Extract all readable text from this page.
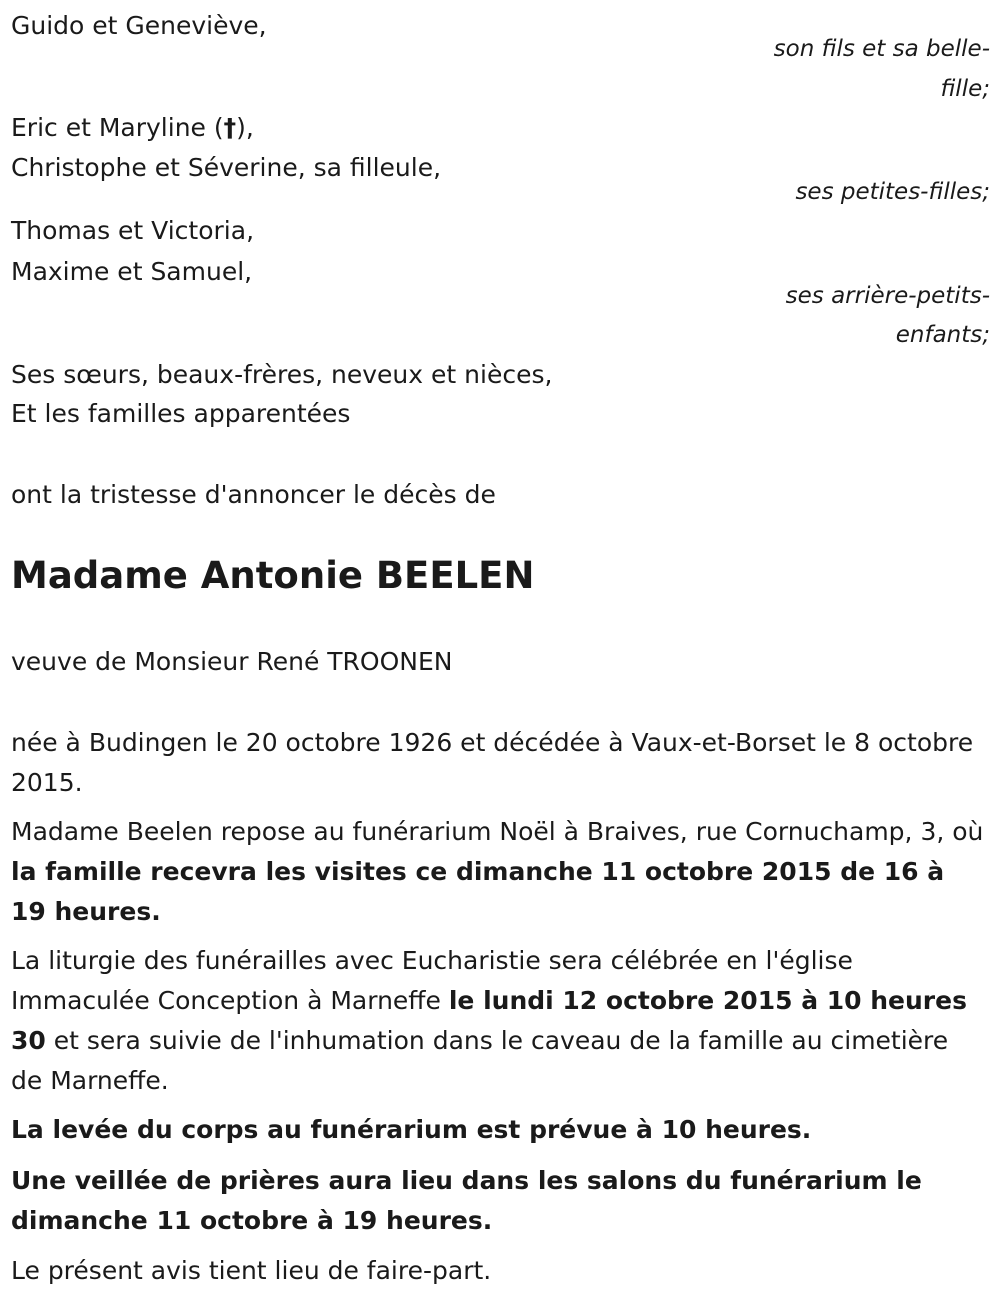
Guido et Geneviève,

son fils et sa belle-

fille;

Eric et Maryline (†),

Christophe et Séverine, sa filleule,

ses petites-filles;

Thomas et Victoria,

Maxime et Samuel,

ses arrière-petits-

enfants;

Ses sœurs, beaux-frères, neveux et nièces,

Et les familles apparentées

ont la tristesse d'annoncer le décès de

Madame Antonie BEELEN

veuve de Monsieur René TROONEN

née à Budingen le 20 octobre 1926 et décédée à Vaux-et-Borset le 8 octobre 2015.

Madame Beelen repose au funérarium Noël à Braives, rue Cornuchamp, 3, où la famille recevra les visites ce dimanche 11 octobre 2015 de 16 à 19 heures.

La liturgie des funérailles avec Eucharistie sera célébrée en l'église Immaculée Conception à Marneffe le lundi 12 octobre 2015 à 10 heures 30 et sera suivie de l'inhumation dans le caveau de la famille au cimetière de Marneffe.

La levée du corps au funérarium est prévue à 10 heures.

Une veillée de prières aura lieu dans les salons du funérarium le dimanche 11 octobre à 19 heures.

Le présent avis tient lieu de faire-part.
